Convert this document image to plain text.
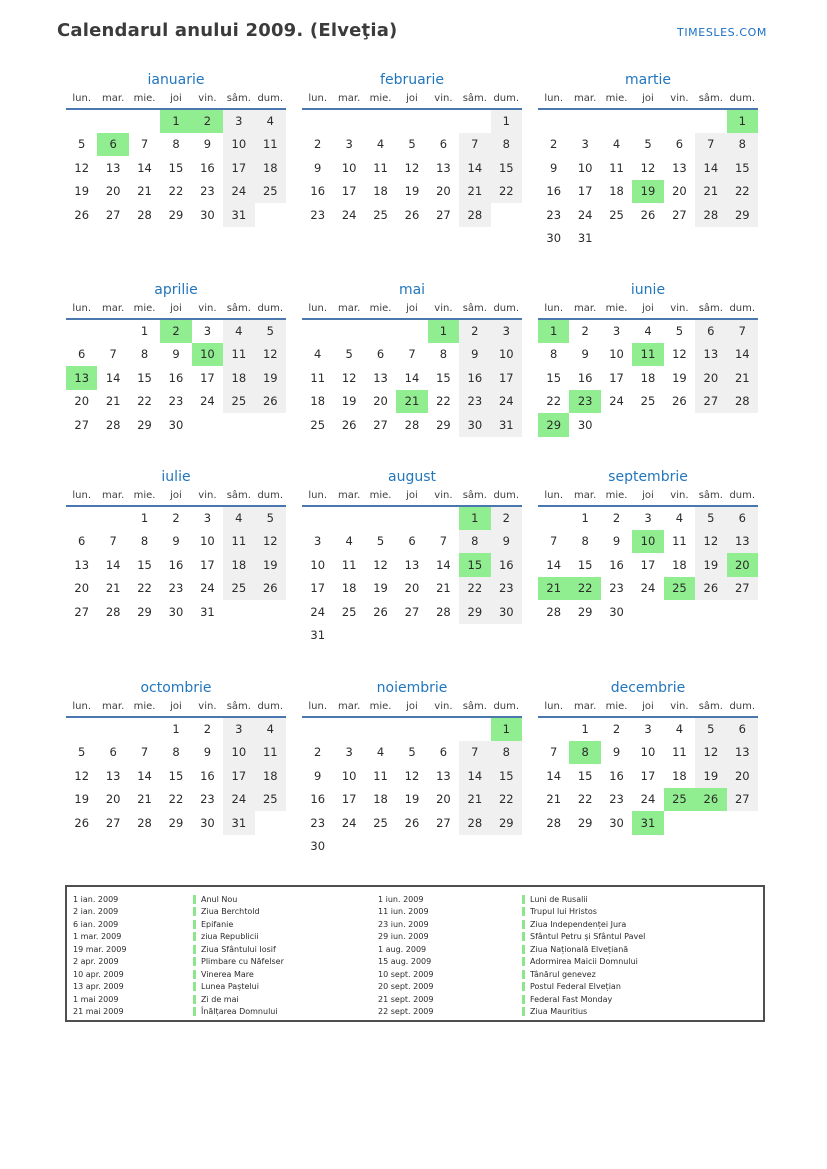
Calendarul anului 2009. (Elveţia)	TIMESLES.COM
ianuarie
lun.	mar.	mie.	joi	vin.	sâm.	dum.
			1	2	3	4
5	6	7	8	9	10	11
12	13	14	15	16	17	18
19	20	21	22	23	24	25
26	27	28	29	30	31	
februarie
lun.	mar.	mie.	joi	vin.	sâm.	dum.
						1
2	3	4	5	6	7	8
9	10	11	12	13	14	15
16	17	18	19	20	21	22
23	24	25	26	27	28	
martie
lun.	mar.	mie.	joi	vin.	sâm.	dum.
						1
2	3	4	5	6	7	8
9	10	11	12	13	14	15
16	17	18	19	20	21	22
23	24	25	26	27	28	29
30	31					
aprilie
lun.	mar.	mie.	joi	vin.	sâm.	dum.
		1	2	3	4	5
6	7	8	9	10	11	12
13	14	15	16	17	18	19
20	21	22	23	24	25	26
27	28	29	30			
mai
lun.	mar.	mie.	joi	vin.	sâm.	dum.
				1	2	3
4	5	6	7	8	9	10
11	12	13	14	15	16	17
18	19	20	21	22	23	24
25	26	27	28	29	30	31
iunie
lun.	mar.	mie.	joi	vin.	sâm.	dum.
1	2	3	4	5	6	7
8	9	10	11	12	13	14
15	16	17	18	19	20	21
22	23	24	25	26	27	28
29	30					
iulie
lun.	mar.	mie.	joi	vin.	sâm.	dum.
		1	2	3	4	5
6	7	8	9	10	11	12
13	14	15	16	17	18	19
20	21	22	23	24	25	26
27	28	29	30	31		
august
lun.	mar.	mie.	joi	vin.	sâm.	dum.
					1	2
3	4	5	6	7	8	9
10	11	12	13	14	15	16
17	18	19	20	21	22	23
24	25	26	27	28	29	30
31						
septembrie
lun.	mar.	mie.	joi	vin.	sâm.	dum.
	1	2	3	4	5	6
7	8	9	10	11	12	13
14	15	16	17	18	19	20
21	22	23	24	25	26	27
28	29	30				
octombrie
lun.	mar.	mie.	joi	vin.	sâm.	dum.
			1	2	3	4
5	6	7	8	9	10	11
12	13	14	15	16	17	18
19	20	21	22	23	24	25
26	27	28	29	30	31	
noiembrie
lun.	mar.	mie.	joi	vin.	sâm.	dum.
						1
2	3	4	5	6	7	8
9	10	11	12	13	14	15
16	17	18	19	20	21	22
23	24	25	26	27	28	29
30						
decembrie
lun.	mar.	mie.	joi	vin.	sâm.	dum.
	1	2	3	4	5	6
7	8	9	10	11	12	13
14	15	16	17	18	19	20
21	22	23	24	25	26	27
28	29	30	31			
1 ian. 2009	Anul Nou
2 ian. 2009	Ziua Berchtold
6 ian. 2009	Epifanie
1 mar. 2009	ziua Republicii
19 mar. 2009	Ziua Sfântului Iosif
2 apr. 2009	Plimbare cu Năfelser
10 apr. 2009	Vinerea Mare
13 apr. 2009	Lunea Paștelui
1 mai 2009	Zi de mai
21 mai 2009	Înălțarea Domnului
1 iun. 2009	Luni de Rusalii
11 iun. 2009	Trupul lui Hristos
23 iun. 2009	Ziua Independenței Jura
29 iun. 2009	Sfântul Petru și Sfântul Pavel
1 aug. 2009	Ziua Națională Elvețiană
15 aug. 2009	Adormirea Maicii Domnului
10 sept. 2009	Tânărul genevez
20 sept. 2009	Postul Federal Elvețian
21 sept. 2009	Federal Fast Monday
22 sept. 2009	Ziua Mauritius
